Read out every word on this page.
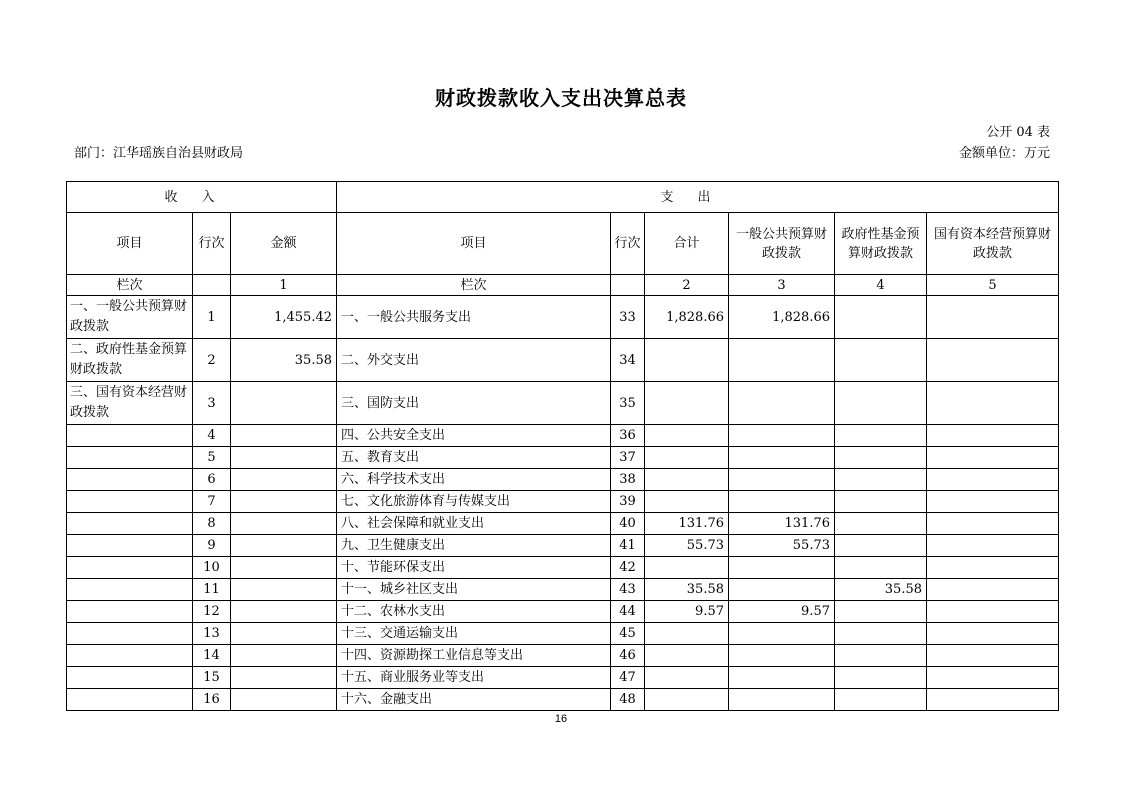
财政拨款收入支出决算总表
公开 04 表
部门：江华瑶族自治县财政局	金额单位：万元
收入			支出					
项目	行次	金额	项目	行次	合计	一般公共预算财政拨款	政府性基金预算财政拨款	国有资本经营预算财政拨款
栏次		1	栏次		2	3	4	5
一、一般公共预算财政拨款	1	1,455.42	一、一般公共服务支出	33	1,828.66	1,828.66		
二、政府性基金预算财政拨款	2	35.58	二、外交支出	34				
三、国有资本经营财政拨款	3		三、国防支出	35				
	4		四、公共安全支出	36				
	5		五、教育支出	37				
	6		六、科学技术支出	38				
	7		七、文化旅游体育与传媒支出	39				
	8		八、社会保障和就业支出	40	131.76	131.76		
	9		九、卫生健康支出	41	55.73	55.73		
	10		十、节能环保支出	42				
	11		十一、城乡社区支出	43	35.58		35.58	
	12		十二、农林水支出	44	9.57	9.57		
	13		十三、交通运输支出	45				
	14		十四、资源勘探工业信息等支出	46				
	15		十五、商业服务业等支出	47				
	16		十六、金融支出	48				
16
